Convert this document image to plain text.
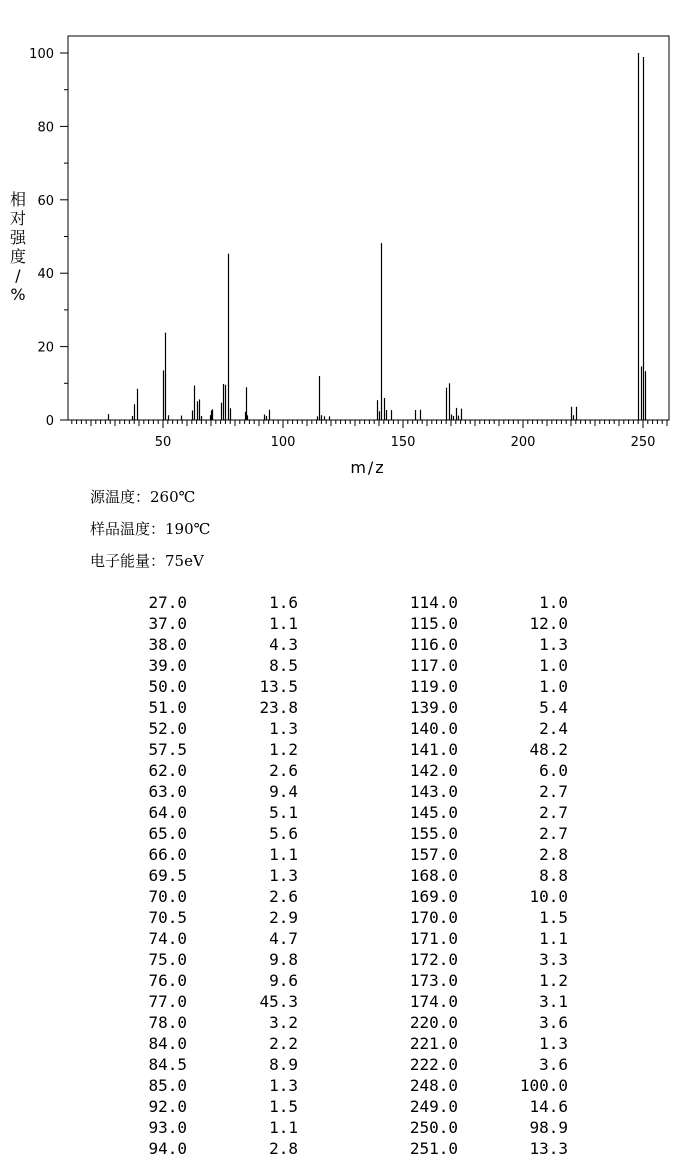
0
20
40
60
80
100
50	100	150	200	250
相对强度/ %
m/z
源温度：260℃
样品温度：190℃
电子能量：75eV
27.0	1.6	114.0	1.0
37.0	1.1	115.0	12.0
38.0	4.3	116.0	1.3
39.0	8.5	117.0	1.0
50.0	13.5	119.0	1.0
51.0	23.8	139.0	5.4
52.0	1.3	140.0	2.4
57.5	1.2	141.0	48.2
62.0	2.6	142.0	6.0
63.0	9.4	143.0	2.7
64.0	5.1	145.0	2.7
65.0	5.6	155.0	2.7
66.0	1.1	157.0	2.8
69.5	1.3	168.0	8.8
70.0	2.6	169.0	10.0
70.5	2.9	170.0	1.5
74.0	4.7	171.0	1.1
75.0	9.8	172.0	3.3
76.0	9.6	173.0	1.2
77.0	45.3	174.0	3.1
78.0	3.2	220.0	3.6
84.0	2.2	221.0	1.3
84.5	8.9	222.0	3.6
85.0	1.3	248.0	100.0
92.0	1.5	249.0	14.6
93.0	1.1	250.0	98.9
94.0	2.8	251.0	13.3
